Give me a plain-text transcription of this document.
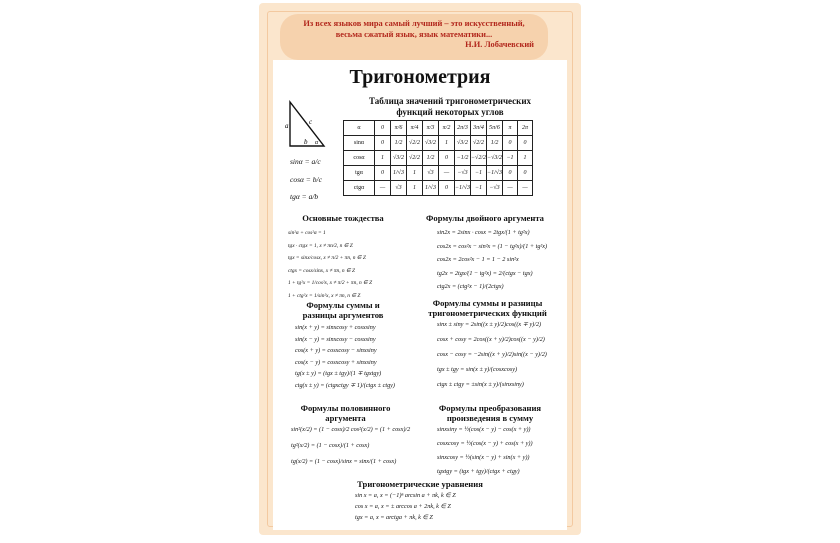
Из всех языков мира самый лучший – это искусственный,
весьма сжатый язык, язык математики...
Н.И. Лобачевский
Тригонометрия
Таблица значений тригонометрических
функций некоторых углов
a	c
b α
sinα = a/c
cosα = b/c
tgα = a/b
α	0	π/6	π/4	π/3	π/2	2π/3	3π/4	5π/6	π	2π
sinα	0	1/2	√2/2	√3/2	1	√3/2	√2/2	1/2	0	0
cosα	1	√3/2	√2/2	1/2	0	−1/2	−√2/2	−√3/2	−1	1
tgα	0	1/√3	1	√3	—	−√3	−1	−1/√3	0	0
ctgα	—	√3	1	1/√3	0	−1/√3	−1	−√3	—	—
Основные тождества	Формулы двойного аргумента
Формулы суммы и
разницы аргументов
Формулы суммы и разницы
тригонометрических функций
Формулы половинного
аргумента
Формулы преобразования
произведения в сумму
Тригонометрические уравнения
sin²α + cos²α = 1
tgx · ctgx = 1, x ≠ πn/2, n ∈ Z
tgx = sinx/cosx, x ≠ π/2 + πn, n ∈ Z
ctgx = cosx/sinx, x ≠ πn, n ∈ Z
1 + tg²x = 1/cos²x, x ≠ π/2 + πn, n ∈ Z
1 + ctg²x = 1/sin²x, x ≠ πn, n ∈ Z
sin2x = 2sinx · cosx = 2tgx/(1 + tg²x)
cos2x = cos²x − sin²x = (1 − tg²x)/(1 + tg²x)
cos2x = 2cos²x − 1 = 1 − 2 sin²x
tg2x = 2tgx/(1 − tg²x) = 2/(ctgx − tgx)
ctg2x = (ctg²x − 1)/(2ctgx)
sin(x + y) = sinxcosy + cosxsiny
sin(x − y) = sinxcosy − cosxsiny
cos(x + y) = cosxcosy − sinxsiny
cos(x − y) = cosxcosy + sinxsiny
tg(x ± y) = (tgx ± tgy)/(1 ∓ tgxtgy)
ctg(x ± y) = (ctgxctgy ∓ 1)/(ctgx ± ctgy)
sinx ± siny = 2sin((x ± y)/2)cos((x ∓ y)/2)
cosx + cosy = 2cos((x + y)/2)cos((x − y)/2)
cosx − cosy = −2sin((x + y)/2)sin((x − y)/2)
tgx ± tgy = sin(x ± y)/(cosxcosy)
ctgx ± ctgy = ±sin(x ± y)/(sinxsiny)
sin²(x/2) = (1 − cosx)/2 cos²(x/2) = (1 + cosx)/2
tg²(x/2) = (1 − cosx)/(1 + cosx)
tg(x/2) = (1 − cosx)/sinx = sinx/(1 + cosx)
sinxsiny = ½(cos(x − y) − cos(x + y))
cosxcosy = ½(cos(x − y) + cos(x + y))
sinxcosy = ½(sin(x − y) + sin(x + y))
tgxtgy = (tgx + tgy)/(ctgx + ctgy)
sin x = a, x = (−1)ⁿ arcsin a + πk, k ∈ Z
cos x = a, x = ± arccos a + 2πk, k ∈ Z
tgx = a, x = arctga + πk, k ∈ Z
